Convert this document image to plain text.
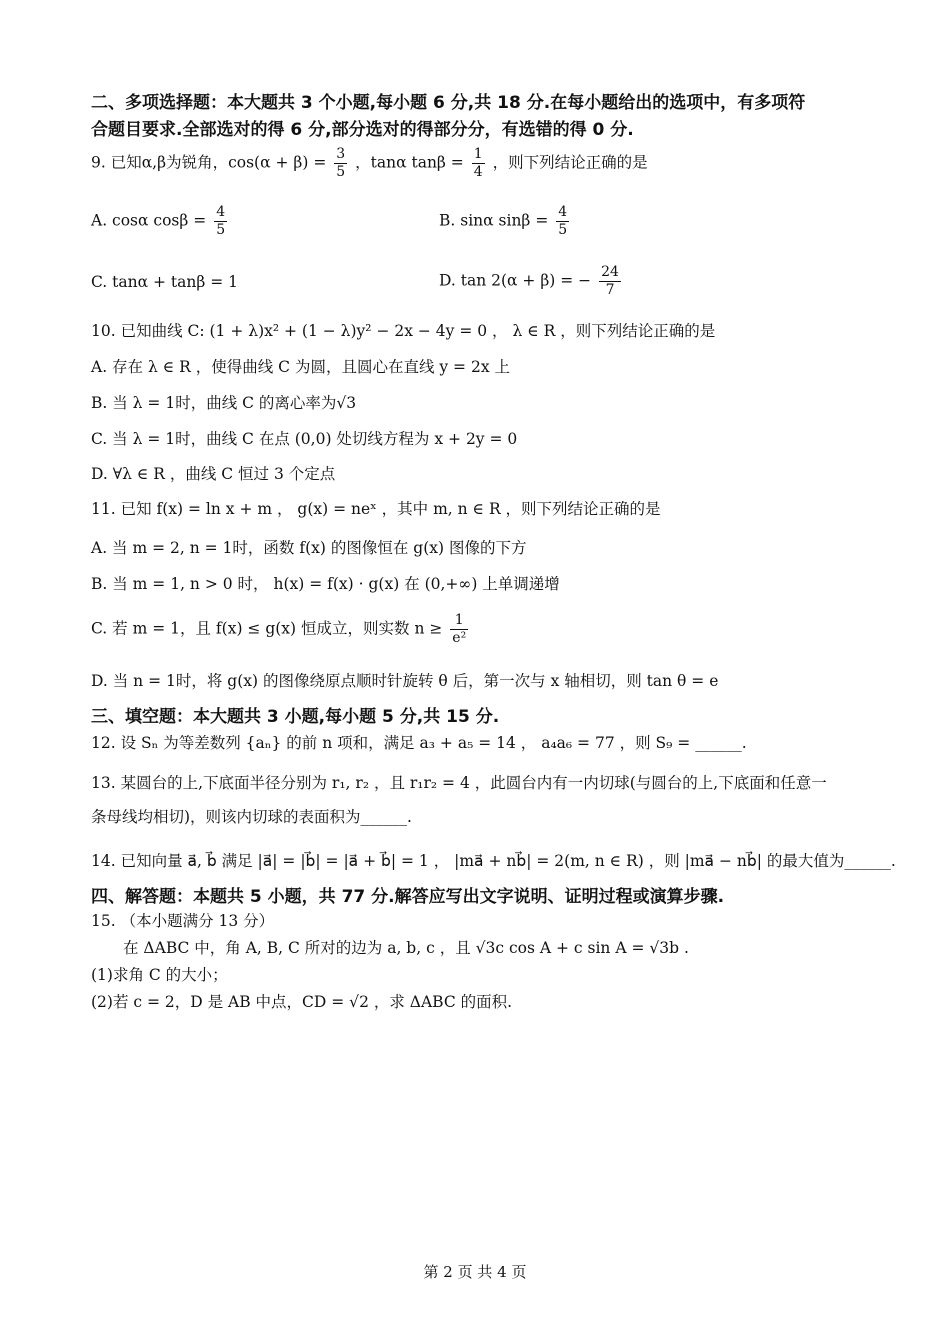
二、多项选择题：本大题共 3 个小题,每小题 6 分,共 18 分.在每小题给出的选项中，有多项符
合题目要求.全部选对的得 6 分,部分选对的得部分分，有选错的得 0 分.
9. 已知α,β为锐角，$\cos(\alpha + \beta) = \frac{3}{5}$ ，tanα $\tan\beta = \frac{1}{4}$ ，则下列结论正确的是
A. cosα $\cos\beta = \frac{4}{5}$	B. sinα $\sin\beta = \frac{4}{5}$
C. tanα + tanβ = 1	D. tan 2(α + β) = − $\frac{24}{7}$
10. 已知曲线 C: (1 + λ)x² + (1 − λ)y² − 2x − 4y = 0 ， λ ∈ R ，则下列结论正确的是
A. 存在 λ ∈ R ，使得曲线 C 为圆，且圆心在直线 y = 2x 上
B. 当 λ = 1时，曲线 C 的离心率为√3
C. 当 λ = 1时，曲线 C 在点 (0,0) 处切线方程为 x + 2y = 0
D. ∀λ ∈ R ，曲线 C 恒过 3 个定点
11. 已知 f(x) = ln x + m ， g(x) = neˣ ，其中 m, n ∈ R ，则下列结论正确的是
A. 当 m = 2, n = 1时，函数 f(x) 的图像恒在 g(x) 图像的下方
B. 当 m = 1, n > 0 时， h(x) = f(x) · g(x) 在 (0,+∞) 上单调递增
C. 若 m = 1，且 f(x) ≤ g(x) 恒成立，则实数 $n \ge \frac{1}{\text{e²}}$
D. 当 n = 1时，将 g(x) 的图像绕原点顺时针旋转 θ 后，第一次与 x 轴相切，则 tan θ = e
三、填空题：本大题共 3 小题,每小题 5 分,共 15 分.
12. 设 Sₙ 为等差数列 {aₙ} 的前 n 项和，满足 a₃ + a₅ = 14 ， a₄a₆ = 77 ，则 S₉ = ______.
13. 某圆台的上,下底面半径分别为 r₁, r₂ ，且 r₁r₂ = 4 ，此圆台内有一内切球(与圆台的上,下底面和任意一
条母线均相切)，则该内切球的表面积为______.
14. 已知向量 a⃗, b⃗ 满足 |a⃗| = |b⃗| = |a⃗ + b⃗| = 1 ， |ma⃗ + nb⃗| = 2(m, n ∈ R) ，则 |ma⃗ − nb⃗| 的最大值为______.
四、解答题：本题共 5 小题，共 77 分.解答应写出文字说明、证明过程或演算步骤.
15. （本小题满分 13 分）
在 ΔABC 中，角 A, B, C 所对的边为 a, b, c ，且 √3c cos A + c sin A = √3b .
(1)求角 C 的大小；
(2)若 c = 2，D 是 AB 中点，CD = √2 ，求 ΔABC 的面积.
第 2 页 共 4 页
